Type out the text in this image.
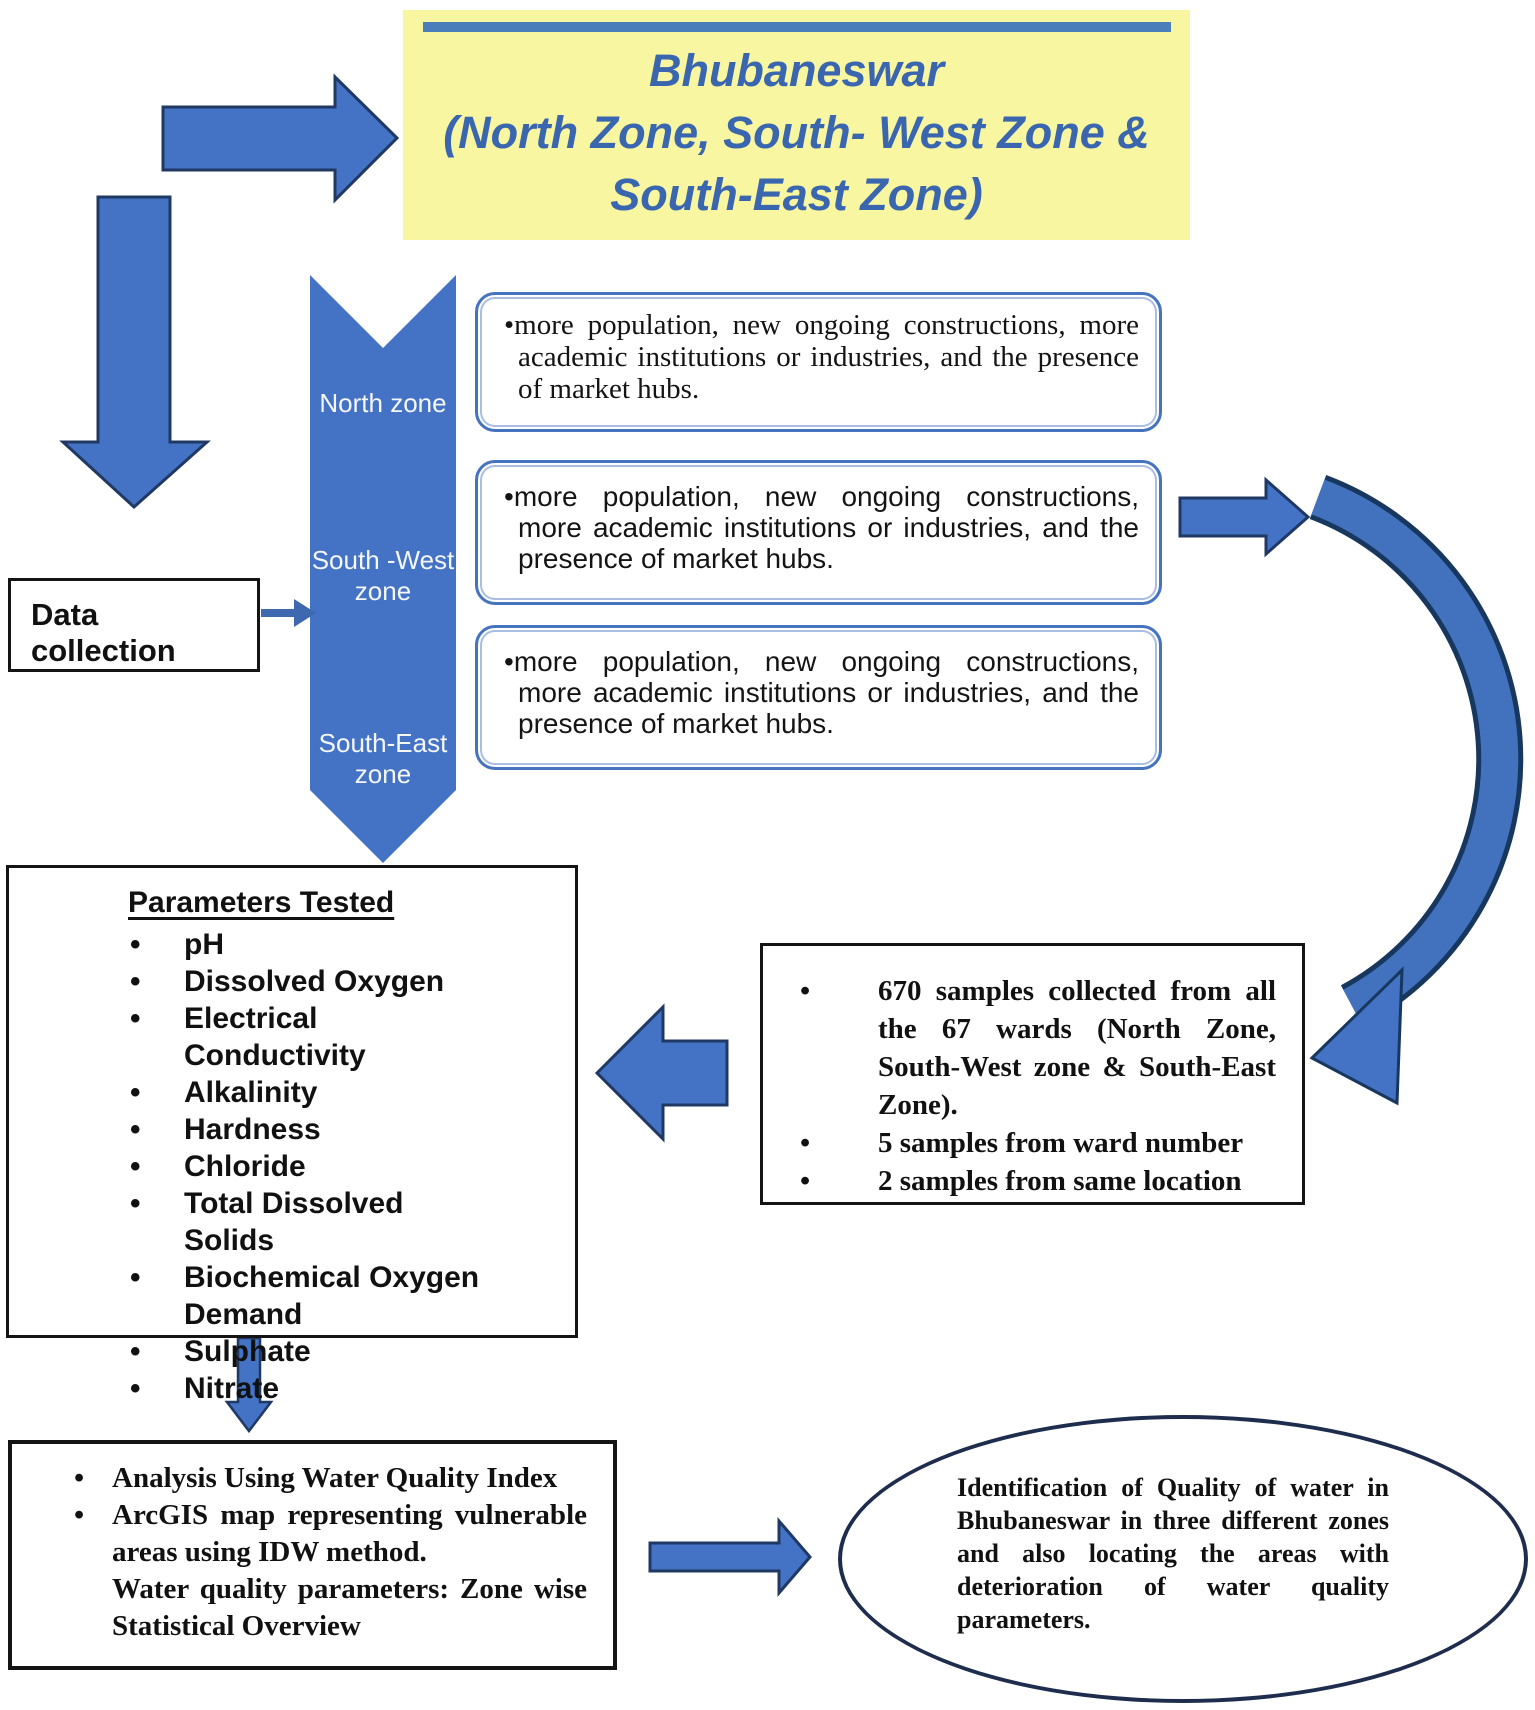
Bhubaneswar
(North Zone, South- West Zone &
South-East Zone)
North zone
South -West zone
South-East zone
•more population, new ongoing constructions, more academic institutions or industries, and the presence of market hubs.
•more population, new ongoing constructions, more academic institutions or industries, and the presence of market hubs.
•more population, new ongoing constructions, more academic institutions or industries, and the presence of market hubs.
Data collection
Parameters Tested
• pH
• Dissolved Oxygen
• Electrical Conductivity
• Alkalinity
• Hardness
• Chloride
• Total Dissolved Solids
• Biochemical Oxygen Demand
• Sulphate
• Nitrate
• 670 samples collected from all the 67 wards (North Zone, South-West zone & South-East Zone).
• 5 samples from ward number
• 2 samples from same location
• Analysis Using Water Quality Index
• ArcGIS map representing vulnerable areas using IDW method.
Water quality parameters: Zone wise Statistical Overview
Identification of Quality of water in Bhubaneswar in three different zones and also locating the areas with deterioration of water quality parameters.
